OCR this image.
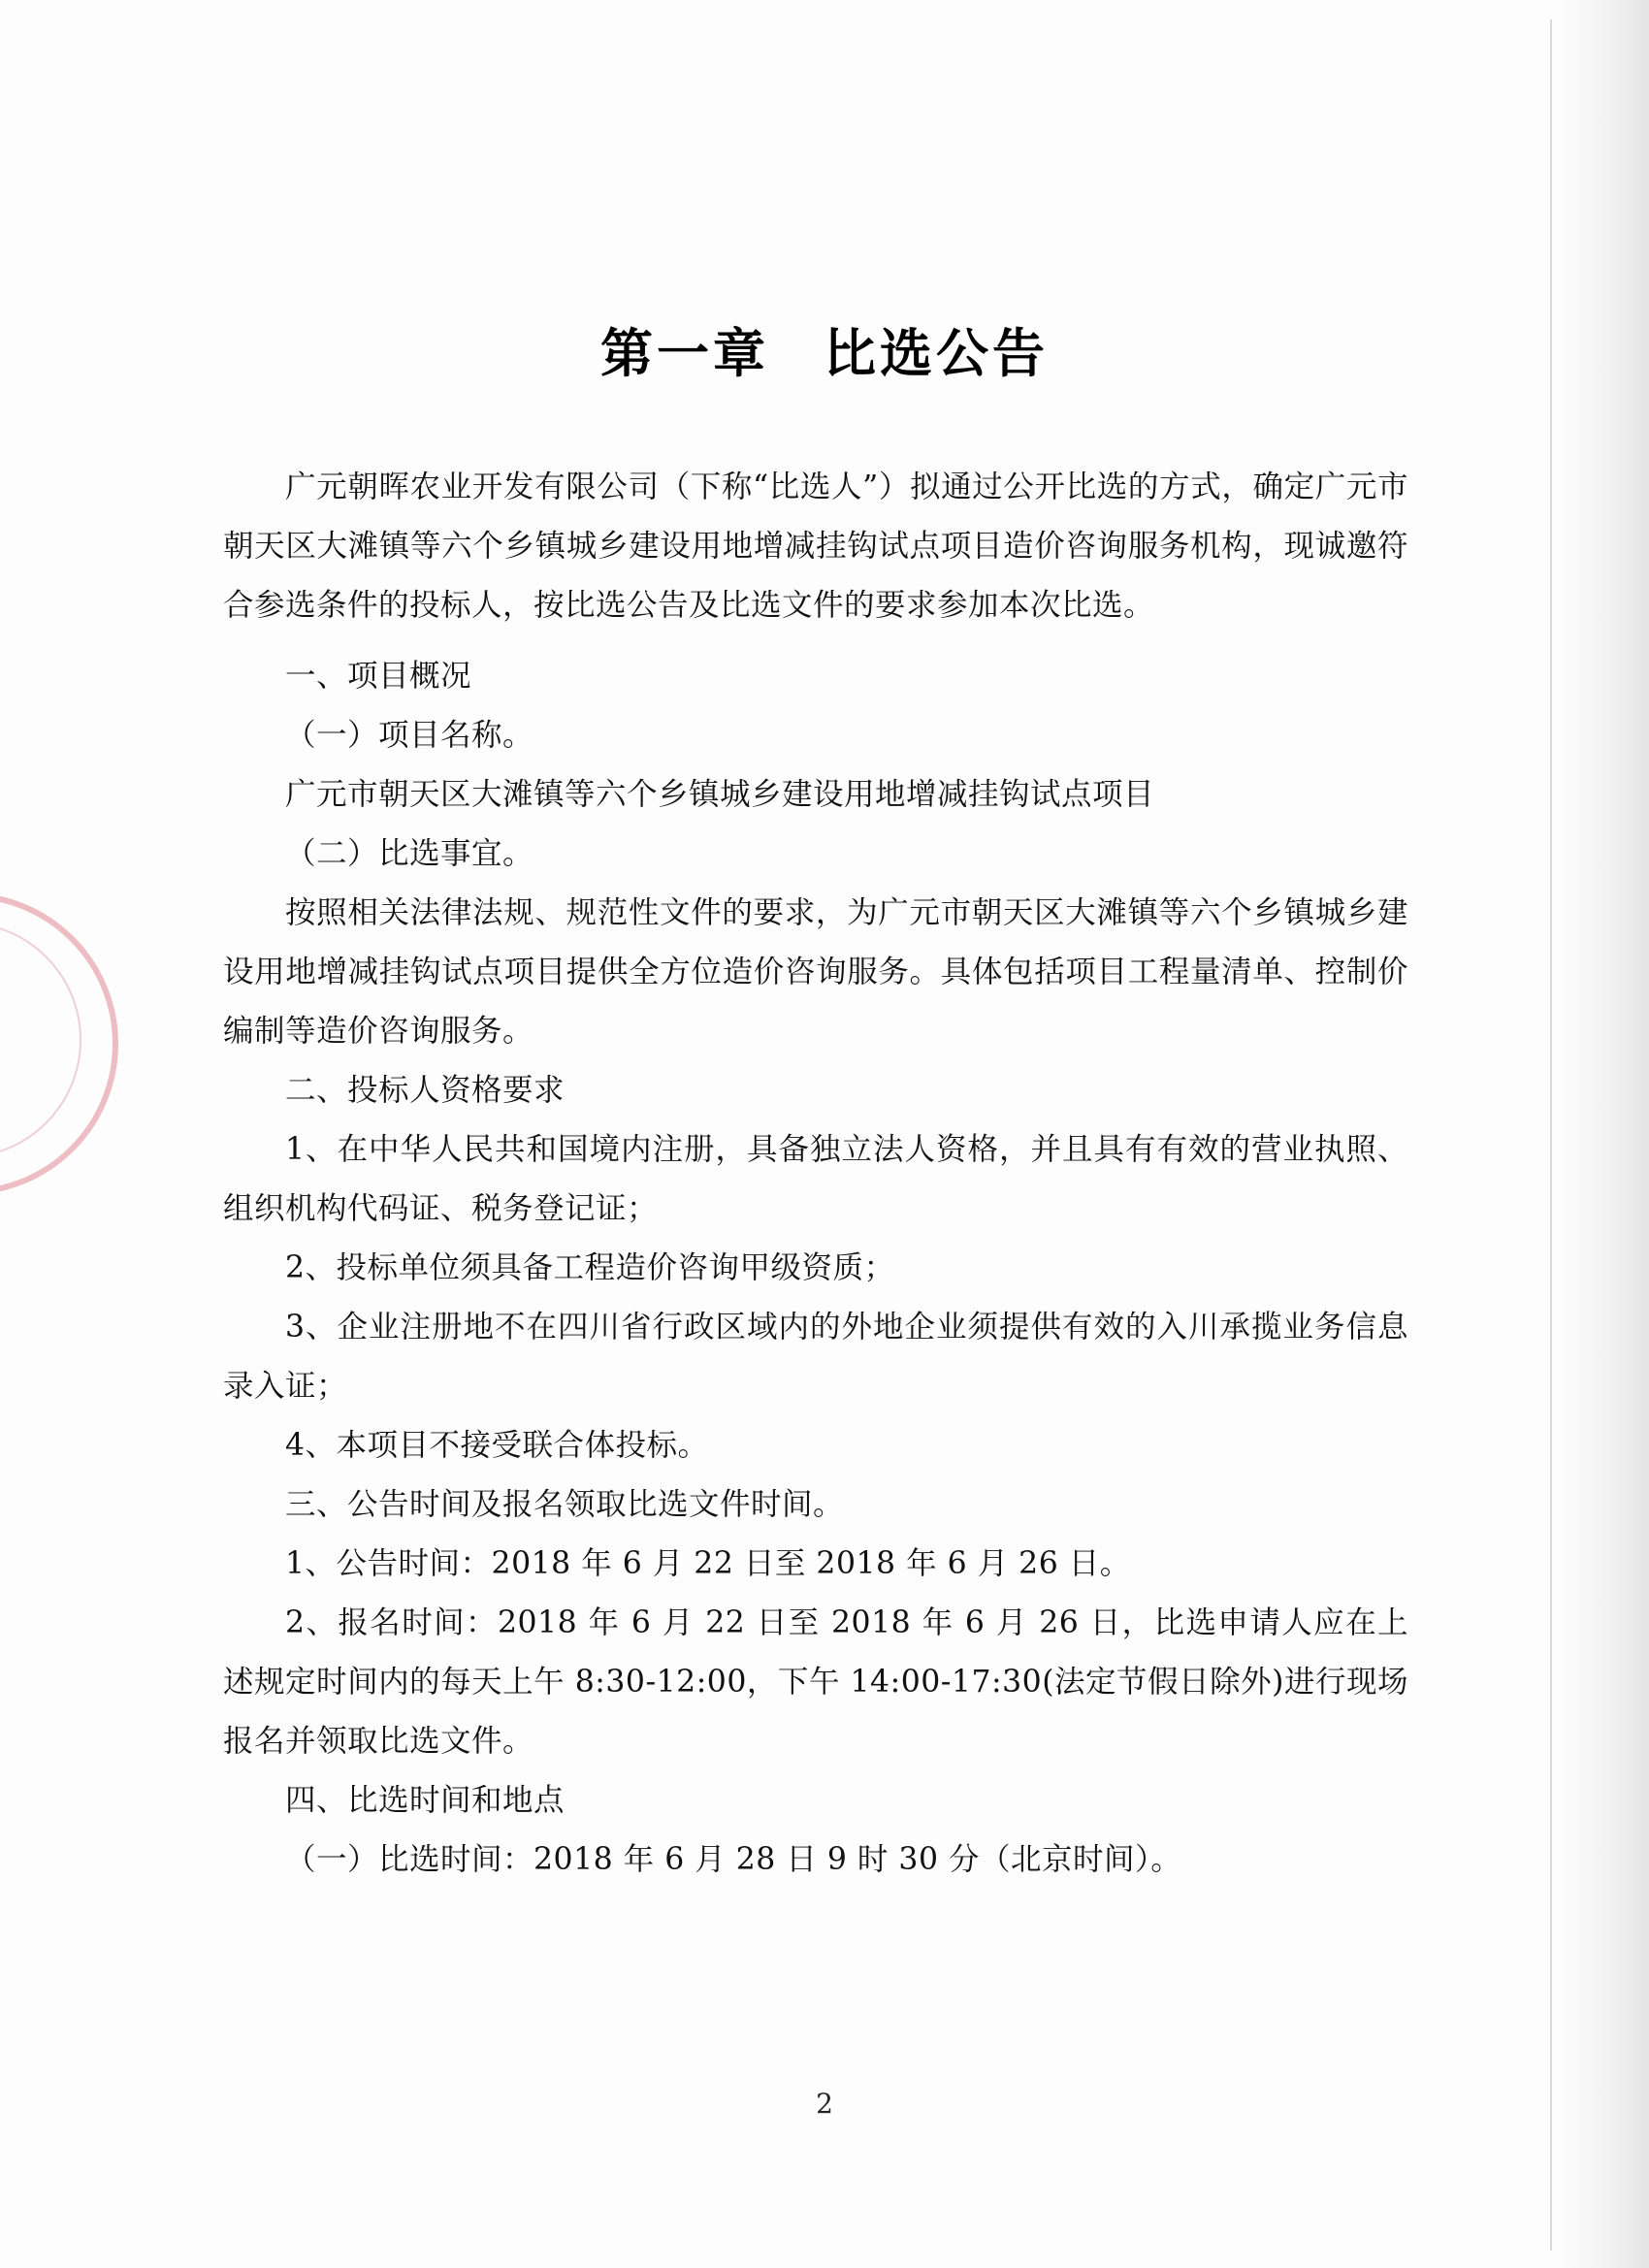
第一章 比选公告

广元朝晖农业开发有限公司（下称“比选人”）拟通过公开比选的方式，确定广元市朝天区大滩镇等六个乡镇城乡建设用地增减挂钩试点项目造价咨询服务机构，现诚邀符合参选条件的投标人，按比选公告及比选文件的要求参加本次比选。

一、项目概况

（一）项目名称。

广元市朝天区大滩镇等六个乡镇城乡建设用地增减挂钩试点项目

（二）比选事宜。

按照相关法律法规、规范性文件的要求，为广元市朝天区大滩镇等六个乡镇城乡建设用地增减挂钩试点项目提供全方位造价咨询服务。具体包括项目工程量清单、控制价编制等造价咨询服务。

二、投标人资格要求

1、在中华人民共和国境内注册，具备独立法人资格，并且具有有效的营业执照、组织机构代码证、税务登记证；

2、投标单位须具备工程造价咨询甲级资质；

3、企业注册地不在四川省行政区域内的外地企业须提供有效的入川承揽业务信息录入证；

4、本项目不接受联合体投标。

三、公告时间及报名领取比选文件时间。

1、公告时间：2018 年 6 月 22 日至 2018 年 6 月 26 日。

2、报名时间：2018 年 6 月 22 日至 2018 年 6 月 26 日，比选申请人应在上述规定时间内的每天上午 8:30-12:00，下午 14:00-17:30(法定节假日除外)进行现场报名并领取比选文件。

四、比选时间和地点

（一）比选时间：2018 年 6 月 28 日 9 时 30 分（北京时间）。

2
